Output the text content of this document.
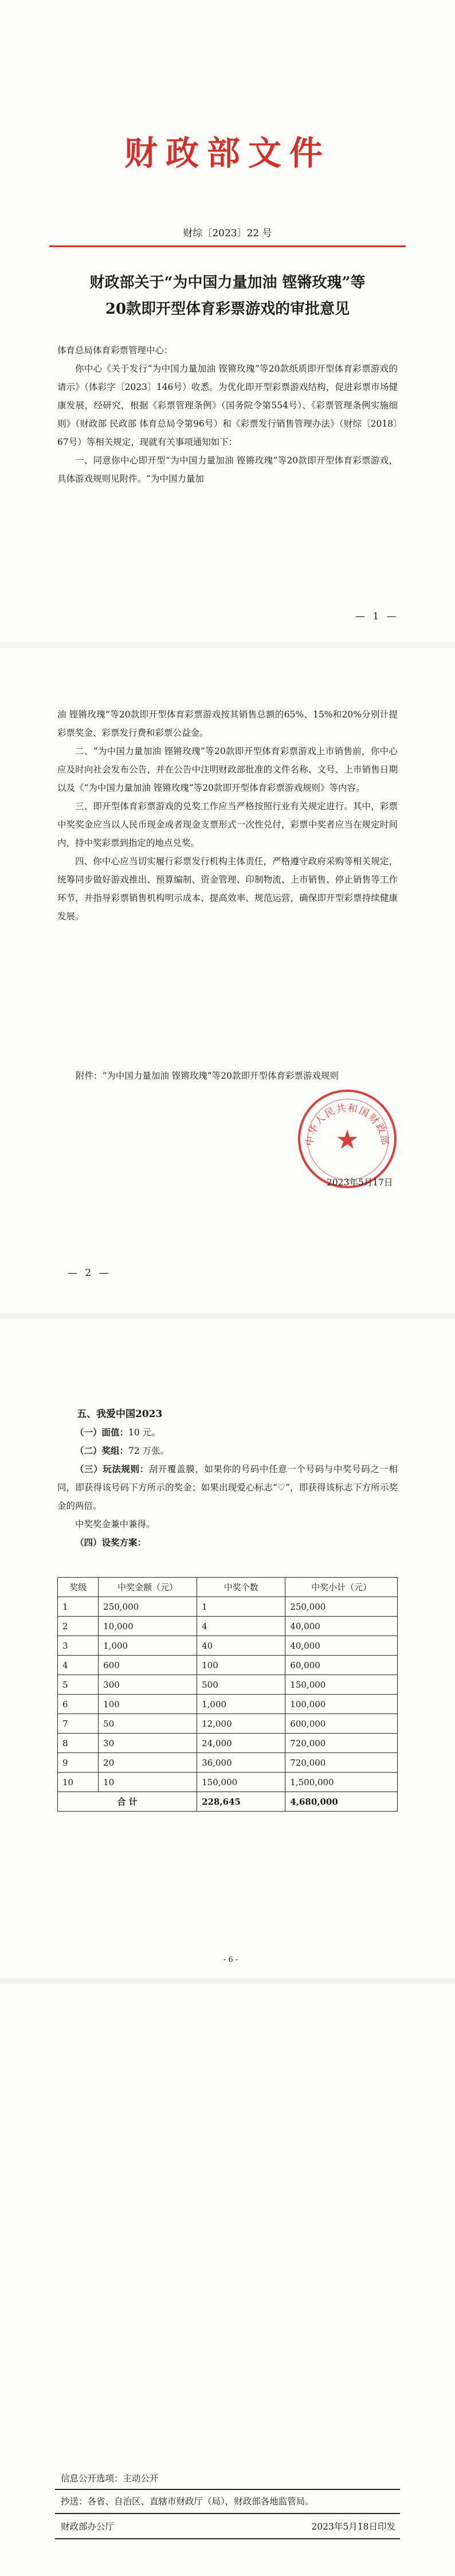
财政部文件
财综〔2023〕22 号
财政部关于“为中国力量加油 铿锵玫瑰”等
20款即开型体育彩票游戏的审批意见

体育总局体育彩票管理中心：

你中心《关于发行“为中国力量加油 铿锵玫瑰”等20款纸质即开型体育彩票游戏的请示》（体彩字〔2023〕146号）收悉。为优化即开型彩票游戏结构，促进彩票市场健康发展，经研究，根据《彩票管理条例》（国务院令第554号）、《彩票管理条例实施细则》（财政部 民政部 体育总局令第96号）和《彩票发行销售管理办法》（财综〔2018〕67号）等相关规定，现就有关事项通知如下：

一、同意你中心即开型“为中国力量加油 铿锵玫瑰”等20款即开型体育彩票游戏，具体游戏规则见附件。“为中国力量加

— 1 —

油 铿锵玫瑰”等20款即开型体育彩票游戏按其销售总额的65%、15%和20%分别计提彩票奖金、彩票发行费和彩票公益金。

二、“为中国力量加油 铿锵玫瑰”等20款即开型体育彩票游戏上市销售前，你中心应及时向社会发布公告，并在公告中注明财政部批准的文件名称、文号、上市销售日期以及《“为中国力量加油 铿锵玫瑰”等20款即开型体育彩票游戏规则》等内容。

三、即开型体育彩票游戏的兑奖工作应当严格按照行业有关规定进行。其中，彩票中奖奖金应当以人民币现金或者现金支票形式一次性兑付，彩票中奖者应当在规定时间内，持中奖彩票到指定的地点兑奖。

四、你中心应当切实履行彩票发行机构主体责任，严格遵守政府采购等相关规定，统筹同步做好游戏推出、预算编制、资金管理、印制物流、上市销售、停止销售等工作环节，并指导彩票销售机构明示成本、提高效率、规范运营，确保即开型彩票持续健康发展。

附件：“为中国力量加油 铿锵玫瑰”等20款即开型体育彩票游戏规则

中华人民共和国财政部
★
2023年5月17日
— 2 —

五、我爱中国2023

（一）面值：10 元。

（二）奖组：72 万张。

（三）玩法规则：刮开覆盖膜，如果你的号码中任意一个号码与中奖号码之一相同，即获得该号码下方所示的奖金；如果出现爱心标志“♡”，即获得该标志下方所示奖金的两倍。

中奖奖金兼中兼得。

（四）设奖方案：

奖级	中奖金额（元）	中奖个数	中奖小计（元）
1	250,000	1	250,000
2	10,000	4	40,000
3	1,000	40	40,000
4	600	100	60,000
5	300	500	150,000
6	100	1,000	100,000
7	50	12,000	600,000
8	30	24,000	720,000
9	20	36,000	720,000
10	10	150,000	1,500,000
合 计		228,645	4,680,000
- 6 -
信息公开选项：主动公开
抄送：各省、自治区、直辖市财政厅（局），财政部各地监管局。
财政部办公厅	2023年5月18日印发
